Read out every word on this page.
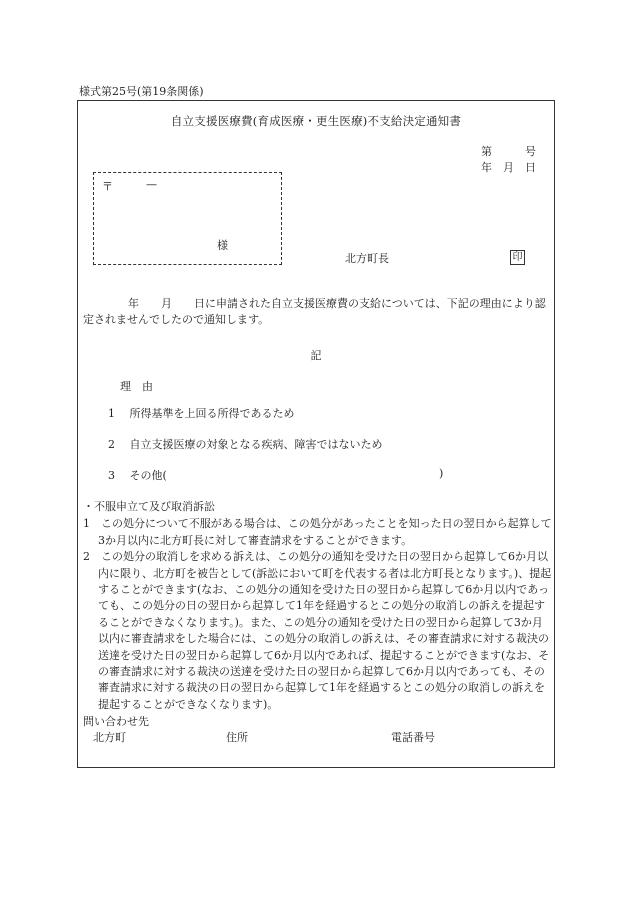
様式第25号(第19条関係)
自立支援医療費(育成医療・更生医療)不支給決定通知書
第　　　号
年　月　日
〒	—
様
北方町長	印
年　　月　　日に申請された自立支援医療費の支給については、下記の理由により認定されませんでしたので通知します。
記
理　由
1 所得基準を上回る所得であるため
2 自立支援医療の対象となる疾病、障害ではないため
3 その他(	)
・不服申立て及び取消訴訟
1　この処分について不服がある場合は、この処分があったことを知った日の翌日から起算して3か月以内に北方町長に対して審査請求をすることができます。
2　この処分の取消しを求める訴えは、この処分の通知を受けた日の翌日から起算して6か月以内に限り、北方町を被告として(訴訟において町を代表する者は北方町長となります。)、提起することができます(なお、この処分の通知を受けた日の翌日から起算して6か月以内であっても、この処分の日の翌日から起算して1年を経過するとこの処分の取消しの訴えを提起することができなくなります。)。また、この処分の通知を受けた日の翌日から起算して3か月以内に審査請求をした場合には、この処分の取消しの訴えは、その審査請求に対する裁決の送達を受けた日の翌日から起算して6か月以内であれば、提起することができます(なお、その審査請求に対する裁決の送達を受けた日の翌日から起算して6か月以内であっても、その審査請求に対する裁決の日の翌日から起算して1年を経過するとこの処分の取消しの訴えを提起することができなくなります)。
問い合わせ先
北方町	住所	電話番号
